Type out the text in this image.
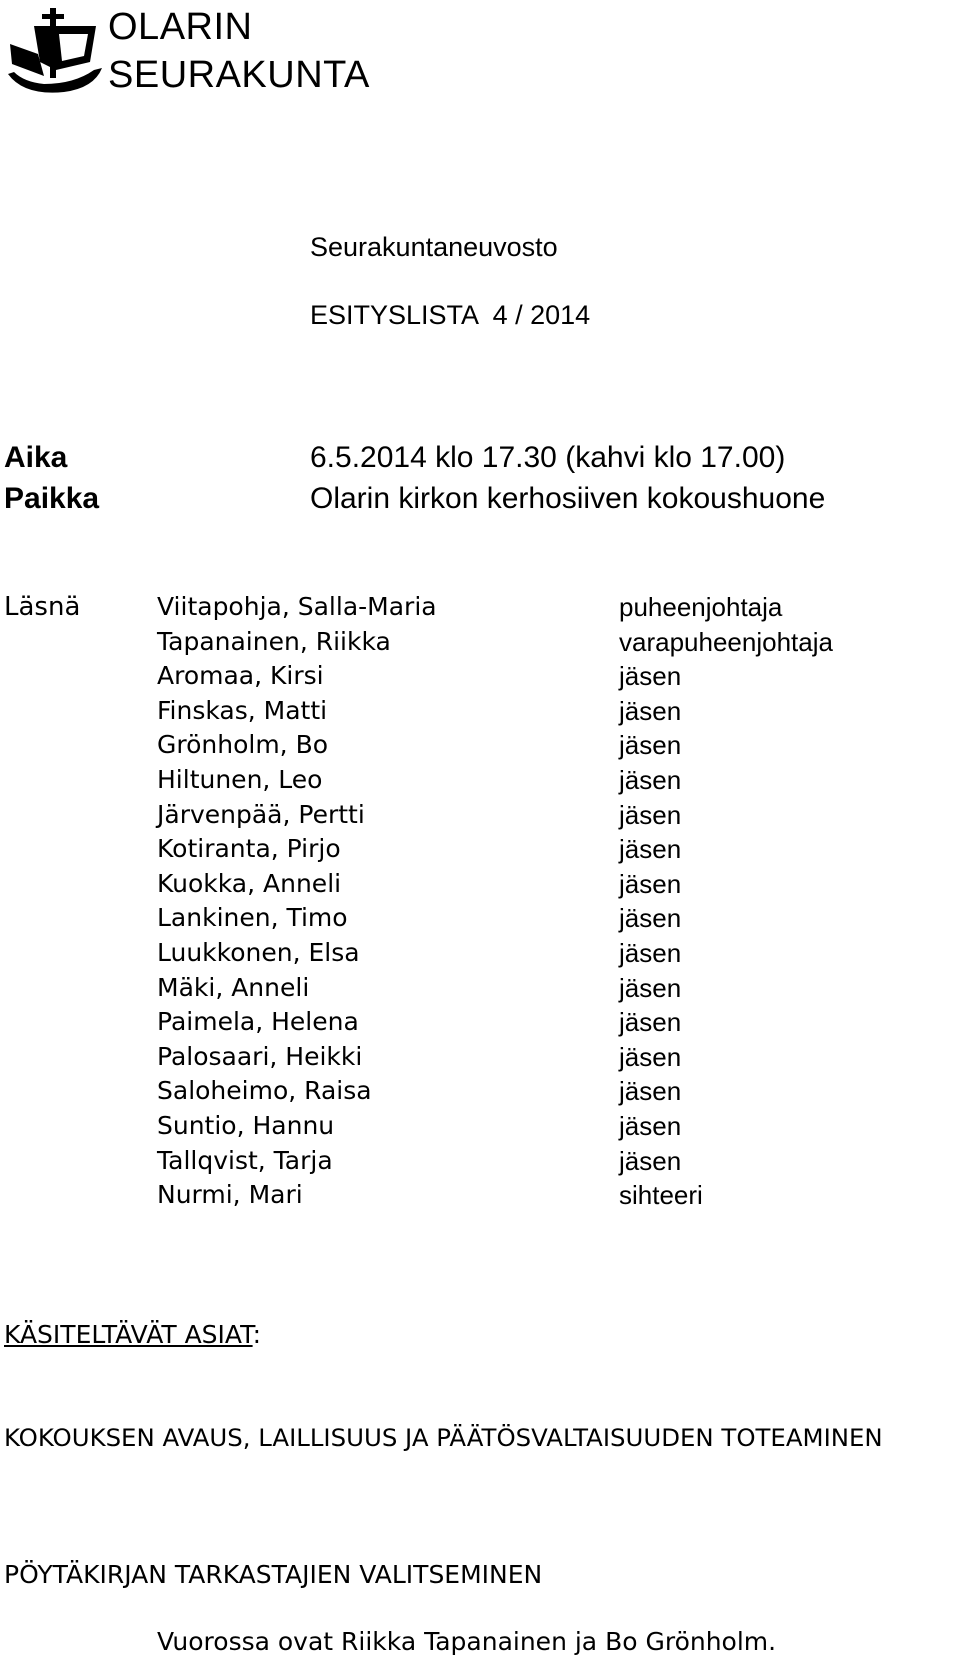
OLARIN
SEURAKUNTA
Seurakuntaneuvosto
ESITYSLISTA  4 / 2014
Aika	6.5.2014 klo 17.30 (kahvi klo 17.00)
Paikka	Olarin kirkon kerhosiiven kokoushuone
Läsnä	Viitapohja, Salla-Maria	puheenjohtaja
Tapanainen, Riikka	varapuheenjohtaja
Aromaa, Kirsi	jäsen
Finskas, Matti	jäsen
Grönholm, Bo	jäsen
Hiltunen, Leo	jäsen
Järvenpää, Pertti	jäsen
Kotiranta, Pirjo	jäsen
Kuokka, Anneli	jäsen
Lankinen, Timo	jäsen
Luukkonen, Elsa	jäsen
Mäki, Anneli	jäsen
Paimela, Helena	jäsen
Palosaari, Heikki	jäsen
Saloheimo, Raisa	jäsen
Suntio, Hannu	jäsen
Tallqvist, Tarja	jäsen
Nurmi, Mari	sihteeri
KÄSITELTÄVÄT ASIAT:
KOKOUKSEN AVAUS, LAILLISUUS JA PÄÄTÖSVALTAISUUDEN TOTEAMINEN
PÖYTÄKIRJAN TARKASTAJIEN VALITSEMINEN
Vuorossa ovat Riikka Tapanainen ja Bo Grönholm.
